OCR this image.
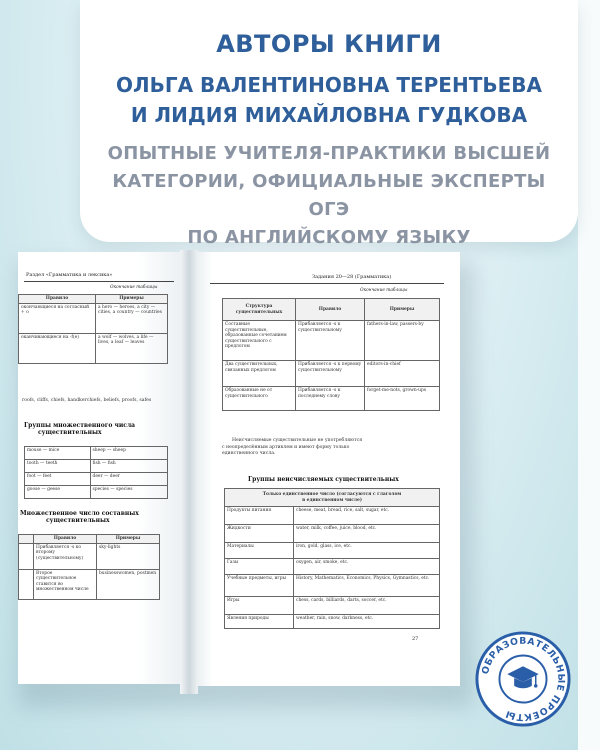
АВТОРЫ КНИГИ
ОЛЬГА ВАЛЕНТИНОВНА ТЕРЕНТЬЕВА
И ЛИДИЯ МИХАЙЛОВНА ГУДКОВА
ОПЫТНЫЕ УЧИТЕЛЯ-ПРАКТИКИ ВЫСШЕЙ
КАТЕГОРИИ, ОФИЦИАЛЬНЫЕ ЭКСПЕРТЫ ОГЭ
ПО АНГЛИЙСКОМУ ЯЗЫКУ
Раздел «Грамматика и лексика»
Окончание таблицы
Правило	Примеры
окончающиеся на согласный + о	a hero — heroes, a city — cities, a country — countries
оканчивающиеся на -f(e)	a wolf — wolves, a life — lives, a leaf — leaves
roofs, cliffs, chiefs, handkerchiefs, beliefs, proofs, safes
Группы множественного числа
существительных
mouse — mice	sheep — sheep
tooth — teeth	fish — fish
foot — feet	deer — deer
goose — geese	species — species
Множественное число составных
существительных
	Правило	Примеры
	Прибавляется -s ко второму (существительному)	sky-lights
	Второе существительное ставится во множественном числе	businesswomen, postmen
Задания 20—28 (Грамматика)
Окончание таблицы
Структура существительных	Правило	Примеры
Составные существительные, образованные сочетанием существительного с предлогом	Прибавляется -s к существительному	fathers-in-law, passers-by
Два существительных, связанных предлогом	Прибавляется -s к первому существительному	editors-in-chief
Образованные не от существительного	Прибавляется -s к последнему слову	forget-me-nots, grown-ups
Неисчисляемые существительные не употребляются
с неопределённым артиклем и имеют форму только
единственного числа.
Группы неисчисляемых существительных
Только единственное число (согласуются с глаголом
в единственном числе)	

Продукты питания	cheese, meat, bread, rice, salt, sugar, etc.
Жидкости	water, milk, coffee, juice, blood, etc.
Материалы	iron, gold, glass, ice, etc.
Газы	oxygen, air, smoke, etc.
Учебные предметы, игры	History, Mathematics, Economics, Physics, Gymnastics, etc.
Игры	chess, cards, billiards, darts, soccer, etc.
Явления природы	weather, rain, snow, darkness, etc.
27
ОБРАЗОВАТЕЛЬНЫЕ ПРОЕКТЫ
